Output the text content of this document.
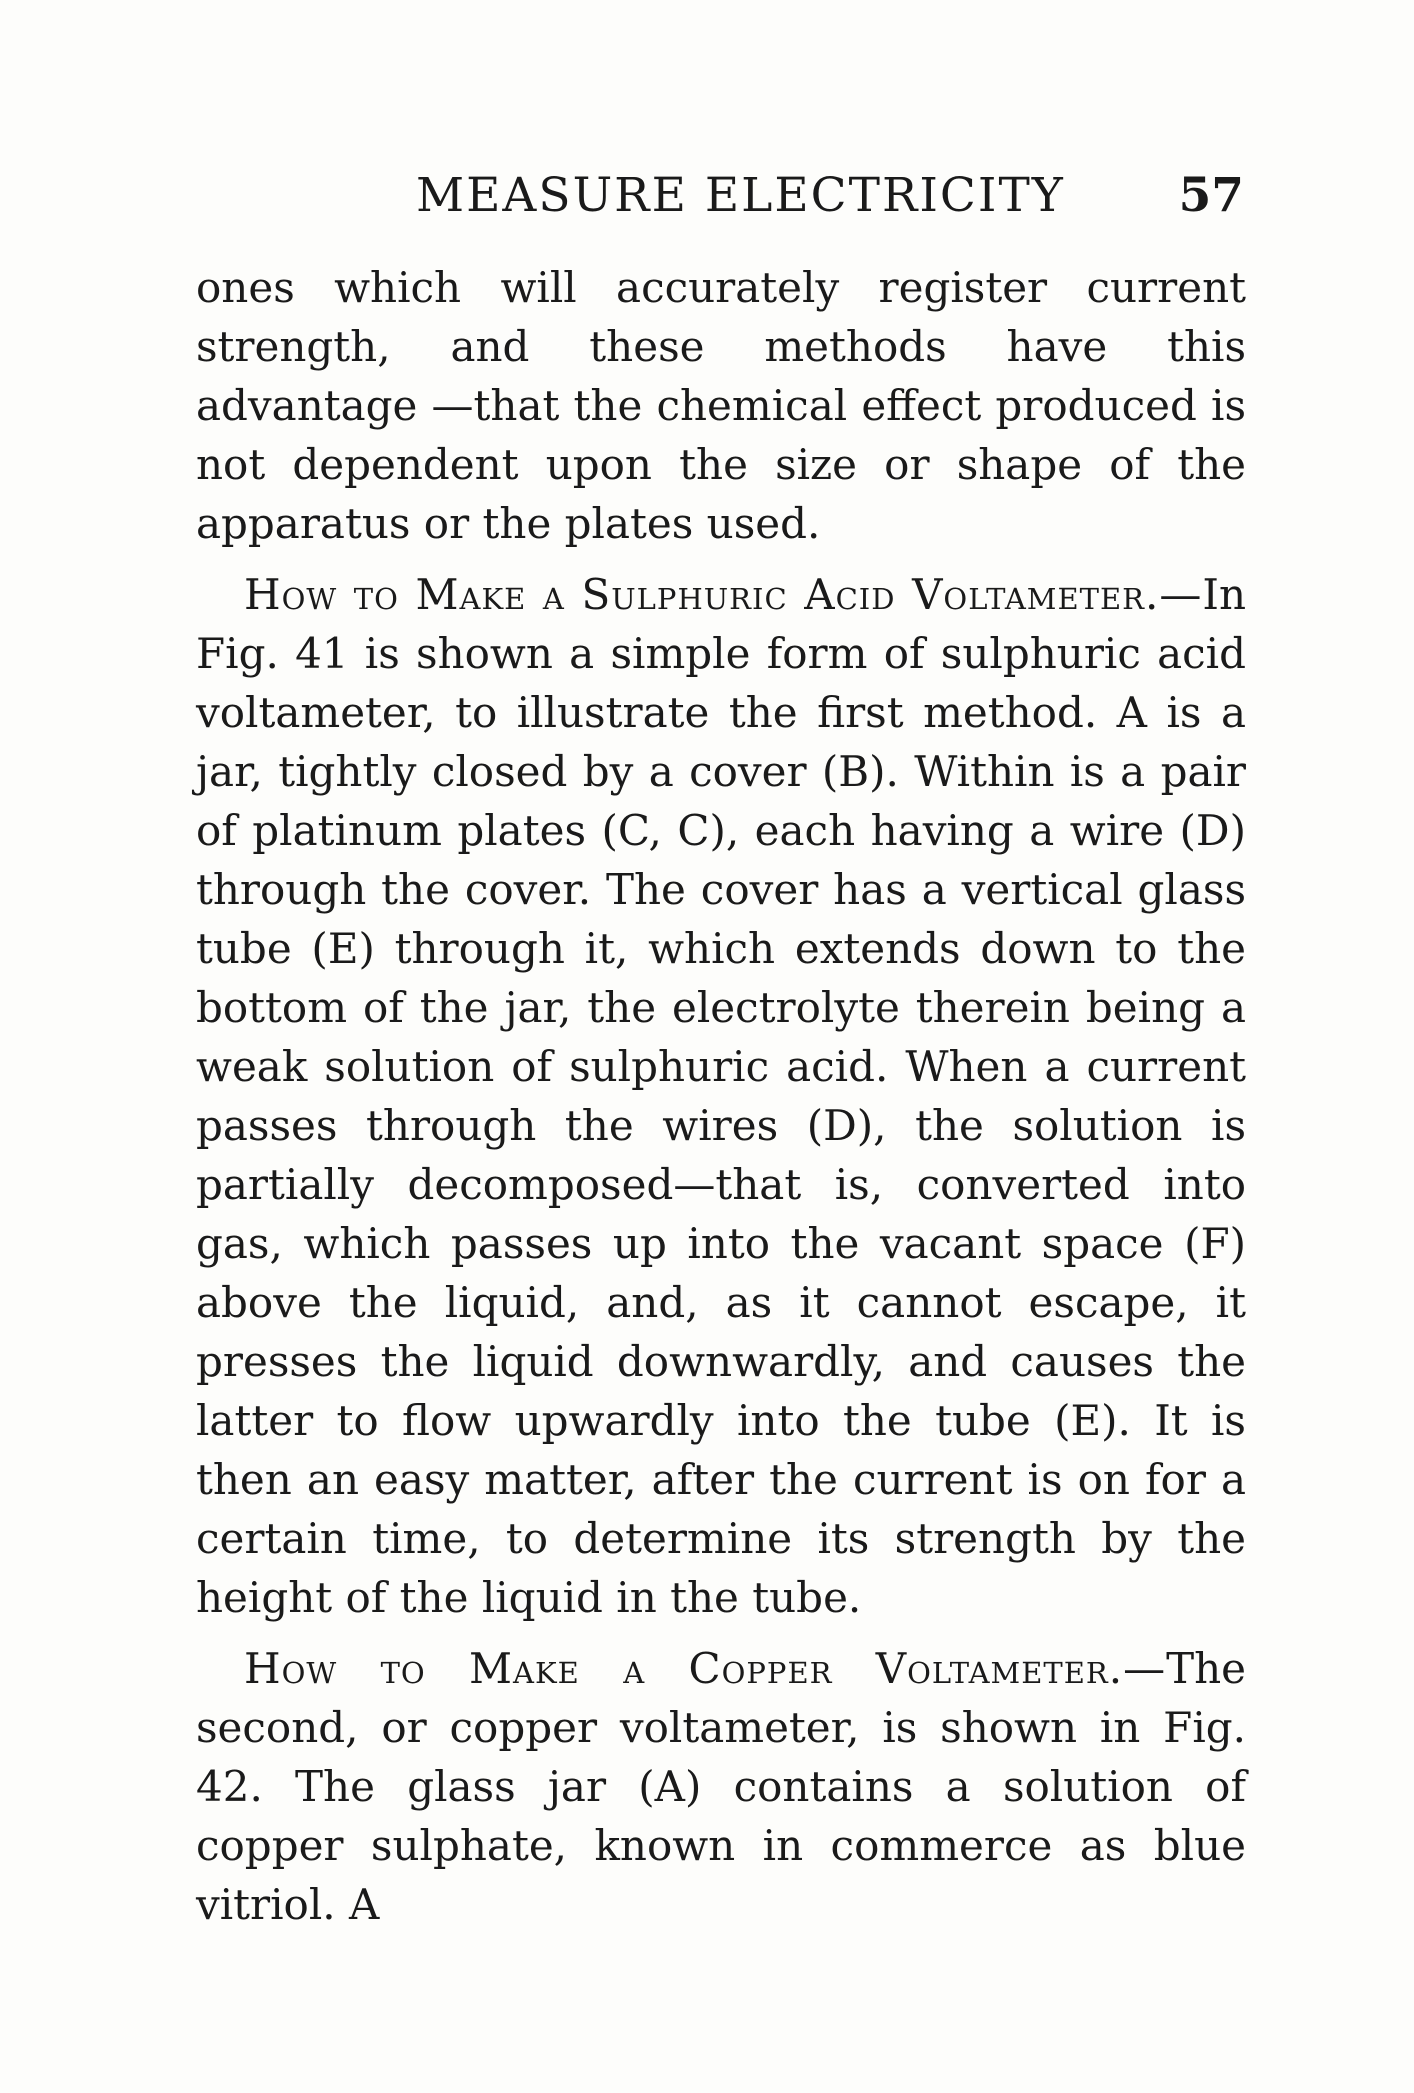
MEASURE ELECTRICITY 57

ones which will accurately register current strength, and these methods have this advantage —that the chemical effect produced is not dependent upon the size or shape of the apparatus or the plates used.

How to Make a Sulphuric Acid Voltameter.—In Fig. 41 is shown a simple form of sulphuric acid voltameter, to illustrate the first method. A is a jar, tightly closed by a cover (B). Within is a pair of platinum plates (C, C), each having a wire (D) through the cover. The cover has a vertical glass tube (E) through it, which extends down to the bottom of the jar, the electrolyte therein being a weak solution of sulphuric acid. When a current passes through the wires (D), the solution is partially decomposed—that is, converted into gas, which passes up into the vacant space (F) above the liquid, and, as it cannot escape, it presses the liquid downwardly, and causes the latter to flow upwardly into the tube (E). It is then an easy matter, after the current is on for a certain time, to determine its strength by the height of the liquid in the tube.

How to Make a Copper Voltameter.—The second, or copper voltameter, is shown in Fig. 42. The glass jar (A) contains a solution of copper sulphate, known in commerce as blue vitriol. A
